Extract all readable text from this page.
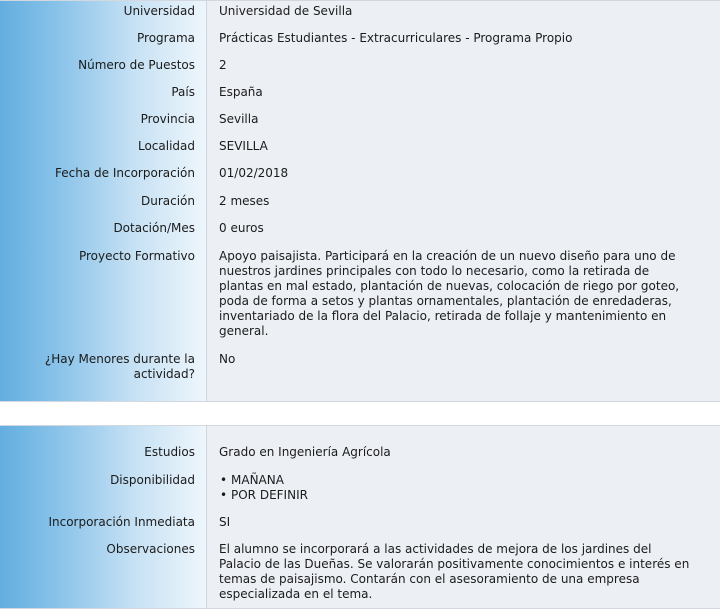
Universidad
Programa
Número de Puestos
País
Provincia
Localidad
Fecha de Incorporación
Duración
Dotación/Mes
Proyecto Formativo
¿Hay Menores durante la
actividad?
Universidad de Sevilla
Prácticas Estudiantes - Extracurriculares - Programa Propio
2
España
Sevilla
SEVILLA
01/02/2018
2 meses
0 euros
Apoyo paisajista. Participará en la creación de un nuevo diseño para uno de
nuestros jardines principales con todo lo necesario, como la retirada de
plantas en mal estado, plantación de nuevas, colocación de riego por goteo,
poda de forma a setos y plantas ornamentales, plantación de enredaderas,
inventariado de la flora del Palacio, retirada de follaje y mantenimiento en
general.
No
Estudios
Disponibilidad
Incorporación Inmediata
Observaciones
Grado en Ingeniería Agrícola
• MAÑANA
• POR DEFINIR
SI
El alumno se incorporará a las actividades de mejora de los jardines del
Palacio de las Dueñas. Se valorarán positivamente conocimientos e interés en
temas de paisajismo. Contarán con el asesoramiento de una empresa
especializada en el tema.
